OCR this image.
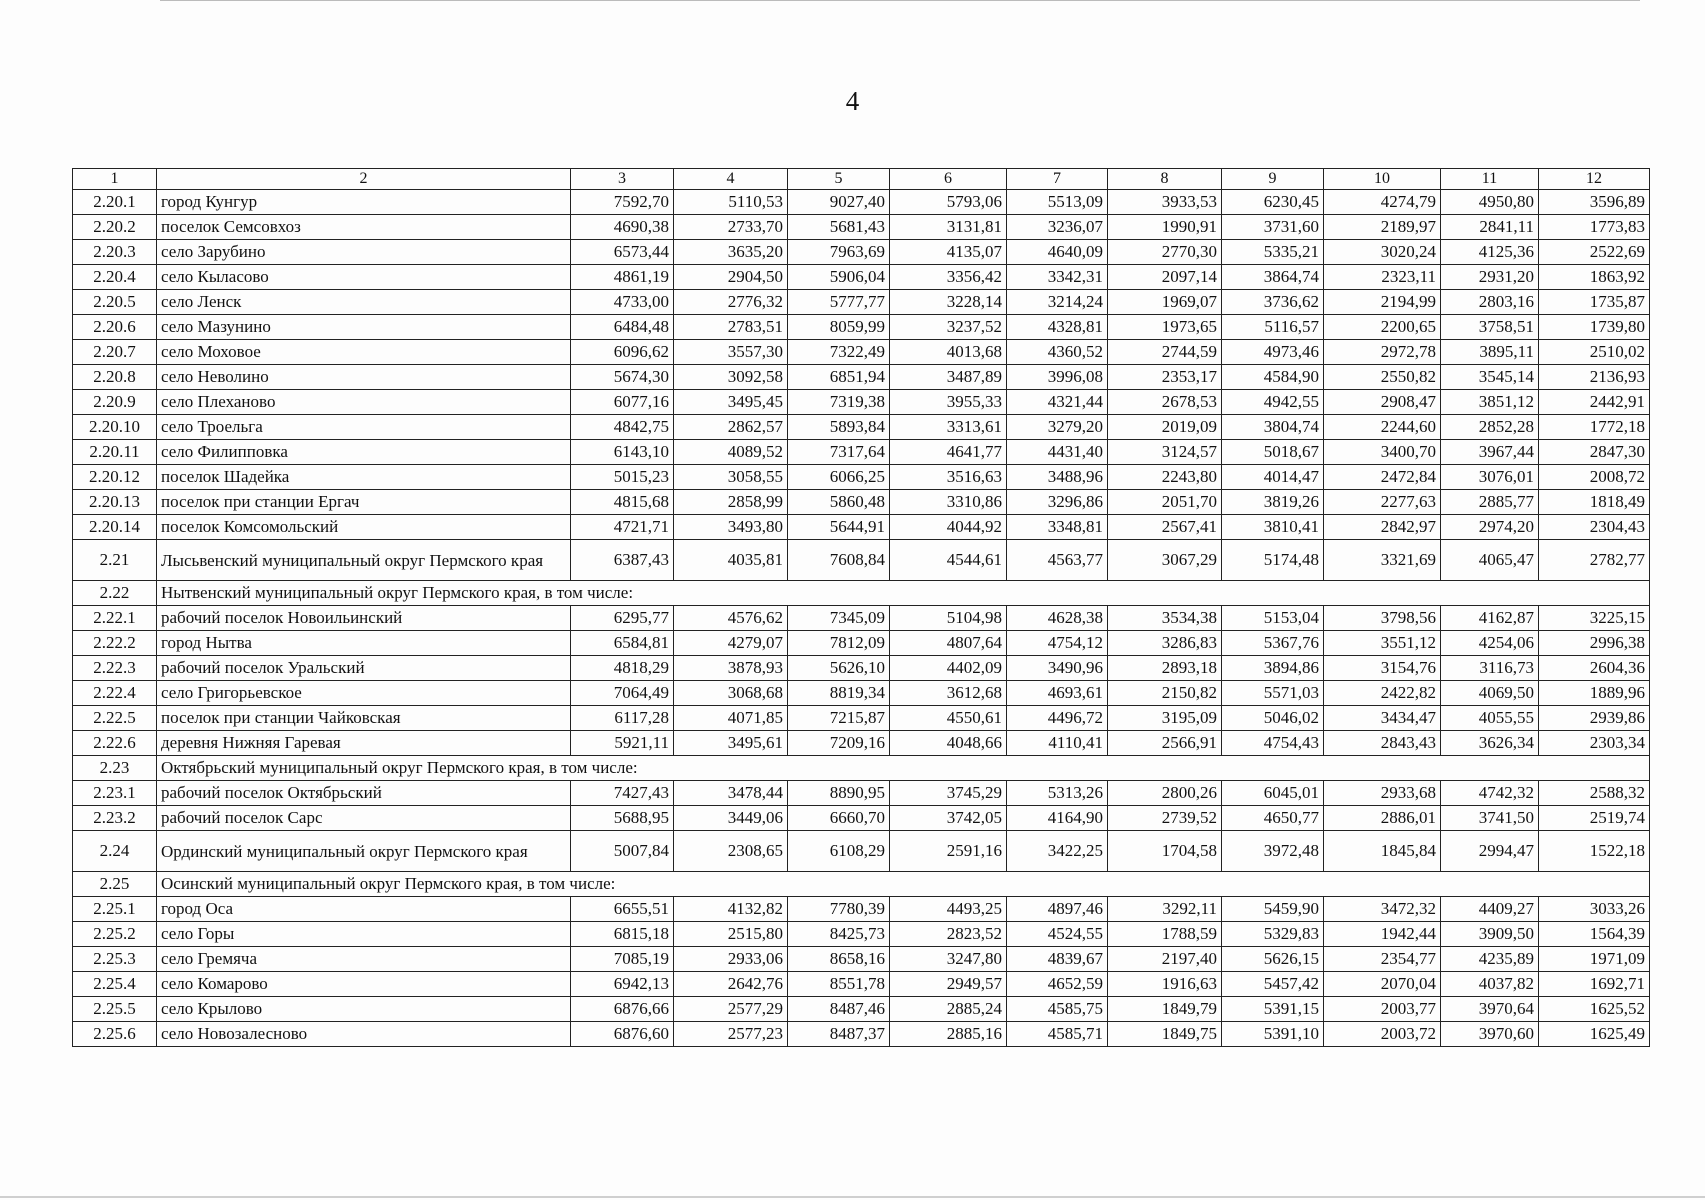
4
1	2	3	4	5	6	7	8	9	10	11	12
2.20.1	город Кунгур	7592,70	5110,53	9027,40	5793,06	5513,09	3933,53	6230,45	4274,79	4950,80	3596,89
2.20.2	поселок Семсовхоз	4690,38	2733,70	5681,43	3131,81	3236,07	1990,91	3731,60	2189,97	2841,11	1773,83
2.20.3	село Зарубино	6573,44	3635,20	7963,69	4135,07	4640,09	2770,30	5335,21	3020,24	4125,36	2522,69
2.20.4	село Кыласово	4861,19	2904,50	5906,04	3356,42	3342,31	2097,14	3864,74	2323,11	2931,20	1863,92
2.20.5	село Ленск	4733,00	2776,32	5777,77	3228,14	3214,24	1969,07	3736,62	2194,99	2803,16	1735,87
2.20.6	село Мазунино	6484,48	2783,51	8059,99	3237,52	4328,81	1973,65	5116,57	2200,65	3758,51	1739,80
2.20.7	село Моховое	6096,62	3557,30	7322,49	4013,68	4360,52	2744,59	4973,46	2972,78	3895,11	2510,02
2.20.8	село Неволино	5674,30	3092,58	6851,94	3487,89	3996,08	2353,17	4584,90	2550,82	3545,14	2136,93
2.20.9	село Плеханово	6077,16	3495,45	7319,38	3955,33	4321,44	2678,53	4942,55	2908,47	3851,12	2442,91
2.20.10	село Троельга	4842,75	2862,57	5893,84	3313,61	3279,20	2019,09	3804,74	2244,60	2852,28	1772,18
2.20.11	село Филипповка	6143,10	4089,52	7317,64	4641,77	4431,40	3124,57	5018,67	3400,70	3967,44	2847,30
2.20.12	поселок Шадейка	5015,23	3058,55	6066,25	3516,63	3488,96	2243,80	4014,47	2472,84	3076,01	2008,72
2.20.13	поселок при станции Ергач	4815,68	2858,99	5860,48	3310,86	3296,86	2051,70	3819,26	2277,63	2885,77	1818,49
2.20.14	поселок Комсомольский	4721,71	3493,80	5644,91	4044,92	3348,81	2567,41	3810,41	2842,97	2974,20	2304,43
2.21	Лысьвенский муниципальный округ Пермского края	6387,43	4035,81	7608,84	4544,61	4563,77	3067,29	5174,48	3321,69	4065,47	2782,77
2.22	Нытвенский муниципальный округ Пермского края, в том числе:										
2.22.1	рабочий поселок Новоильинский	6295,77	4576,62	7345,09	5104,98	4628,38	3534,38	5153,04	3798,56	4162,87	3225,15
2.22.2	город Нытва	6584,81	4279,07	7812,09	4807,64	4754,12	3286,83	5367,76	3551,12	4254,06	2996,38
2.22.3	рабочий поселок Уральский	4818,29	3878,93	5626,10	4402,09	3490,96	2893,18	3894,86	3154,76	3116,73	2604,36
2.22.4	село Григорьевское	7064,49	3068,68	8819,34	3612,68	4693,61	2150,82	5571,03	2422,82	4069,50	1889,96
2.22.5	поселок при станции Чайковская	6117,28	4071,85	7215,87	4550,61	4496,72	3195,09	5046,02	3434,47	4055,55	2939,86
2.22.6	деревня Нижняя Гаревая	5921,11	3495,61	7209,16	4048,66	4110,41	2566,91	4754,43	2843,43	3626,34	2303,34
2.23	Октябрьский муниципальный округ Пермского края, в том числе:										
2.23.1	рабочий поселок Октябрьский	7427,43	3478,44	8890,95	3745,29	5313,26	2800,26	6045,01	2933,68	4742,32	2588,32
2.23.2	рабочий поселок Сарс	5688,95	3449,06	6660,70	3742,05	4164,90	2739,52	4650,77	2886,01	3741,50	2519,74
2.24	Ординский муниципальный округ Пермского края	5007,84	2308,65	6108,29	2591,16	3422,25	1704,58	3972,48	1845,84	2994,47	1522,18
2.25	Осинский муниципальный округ Пермского края, в том числе:										
2.25.1	город Оса	6655,51	4132,82	7780,39	4493,25	4897,46	3292,11	5459,90	3472,32	4409,27	3033,26
2.25.2	село Горы	6815,18	2515,80	8425,73	2823,52	4524,55	1788,59	5329,83	1942,44	3909,50	1564,39
2.25.3	село Гремяча	7085,19	2933,06	8658,16	3247,80	4839,67	2197,40	5626,15	2354,77	4235,89	1971,09
2.25.4	село Комарово	6942,13	2642,76	8551,78	2949,57	4652,59	1916,63	5457,42	2070,04	4037,82	1692,71
2.25.5	село Крылово	6876,66	2577,29	8487,46	2885,24	4585,75	1849,79	5391,15	2003,77	3970,64	1625,52
2.25.6	село Новозалесново	6876,60	2577,23	8487,37	2885,16	4585,71	1849,75	5391,10	2003,72	3970,60	1625,49
